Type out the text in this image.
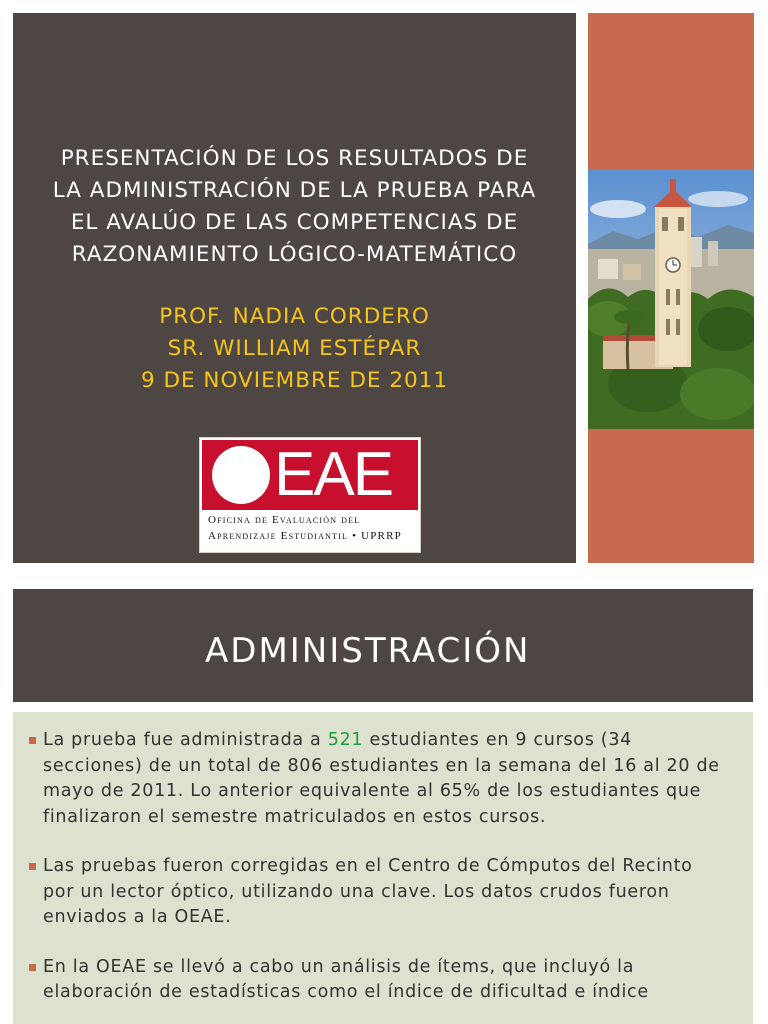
PRESENTACIÓN DE LOS RESULTADOS DE
LA ADMINISTRACIÓN DE LA PRUEBA PARA
EL AVALÚO DE LAS COMPETENCIAS DE
RAZONAMIENTO LÓGICO-MATEMÁTICO
PROF. NADIA CORDERO
SR. WILLIAM ESTÉPAR
9 DE NOVIEMBRE DE 2011
EAE
Oficina de Evaluación del
Aprendizaje Estudiantil • UPRRP
ADMINISTRACIÓN
La prueba fue administrada a 521 estudiantes en 9 cursos (34 secciones) de un total de 806 estudiantes en la semana del 16 al 20 de mayo de 2011. Lo anterior equivalente al 65% de los estudiantes que finalizaron el semestre matriculados en estos cursos.
Las pruebas fueron corregidas en el Centro de Cómputos del Recinto por un lector óptico, utilizando una clave. Los datos crudos fueron enviados a la OEAE.
En la OEAE se llevó a cabo un análisis de ítems, que incluyó la elaboración de estadísticas como el índice de dificultad e índice
